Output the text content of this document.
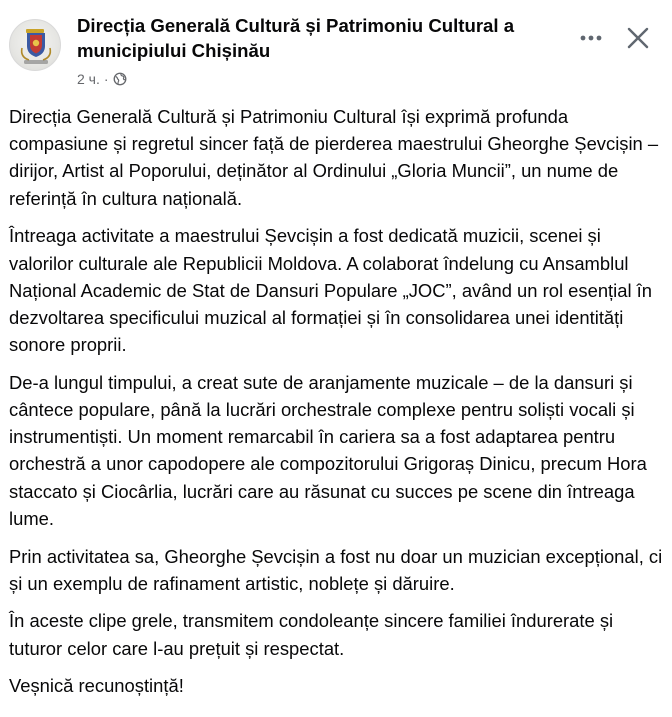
Direcția Generală Cultură și Patrimoniu Cultural a municipiului Chișinău
2 ч. ·

Direcția Generală Cultură și Patrimoniu Cultural își exprimă profunda compasiune și regretul sincer față de pierderea maestrului Gheorghe Șevcișin – dirijor, Artist al Poporului, deținător al Ordinului „Gloria Muncii”, un nume de referință în cultura națională.

Întreaga activitate a maestrului Șevcișin a fost dedicată muzicii, scenei și valorilor culturale ale Republicii Moldova. A colaborat îndelung cu Ansamblul Național Academic de Stat de Dansuri Populare „JOC”, având un rol esențial în dezvoltarea specificului muzical al formației și în consolidarea unei identități sonore proprii.

De-a lungul timpului, a creat sute de aranjamente muzicale – de la dansuri și cântece populare, până la lucrări orchestrale complexe pentru soliști vocali și instrumentiști. Un moment remarcabil în cariera sa a fost adaptarea pentru orchestră a unor capodopere ale compozitorului Grigoraș Dinicu, precum Hora staccato și Ciocârlia, lucrări care au răsunat cu succes pe scene din întreaga lume.

Prin activitatea sa, Gheorghe Șevcișin a fost nu doar un muzician excepțional, ci și un exemplu de rafinament artistic, noblețe și dăruire.

În aceste clipe grele, transmitem condoleanțe sincere familiei îndurerate și tuturor celor care l-au prețuit și respectat.

Veșnică recunoștință!
